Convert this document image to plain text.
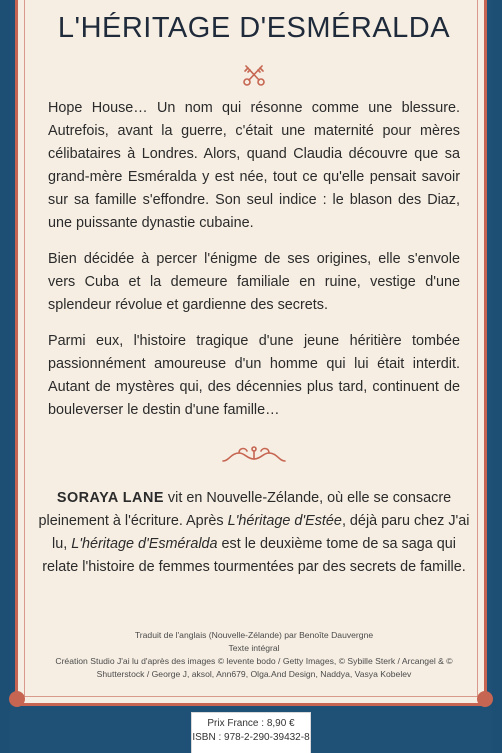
L'HÉRITAGE D'ESMÉRALDA

Hope House… Un nom qui résonne comme une blessure. Autrefois, avant la guerre, c'était une maternité pour mères célibataires à Londres. Alors, quand Claudia découvre que sa grand-mère Esméralda y est née, tout ce qu'elle pensait savoir sur sa famille s'effondre. Son seul indice : le blason des Diaz, une puissante dynastie cubaine.

Bien décidée à percer l'énigme de ses origines, elle s'envole vers Cuba et la demeure familiale en ruine, vestige d'une splendeur révolue et gardienne des secrets.

Parmi eux, l'histoire tragique d'une jeune héritière tombée passionnément amoureuse d'un homme qui lui était interdit. Autant de mystères qui, des décennies plus tard, continuent de bouleverser le destin d'une famille…

SORAYA LANE vit en Nouvelle-Zélande, où elle se consacre pleinement à l'écriture. Après L'héritage d'Estée, déjà paru chez J'ai lu, L'héritage d'Esméralda est le deuxième tome de sa saga qui relate l'histoire de femmes tourmentées par des secrets de famille.
Traduit de l'anglais (Nouvelle-Zélande) par Benoîte Dauvergne
Texte intégral
Création Studio J'ai lu d'après des images © levente bodo / Getty Images, © Sybille Sterk / Arcangel & © Shutterstock / George J, aksol, Ann679, Olga.And Design, Naddya, Vasya Kobelev
Prix France : 8,90 €
ISBN : 978-2-290-39432-8
